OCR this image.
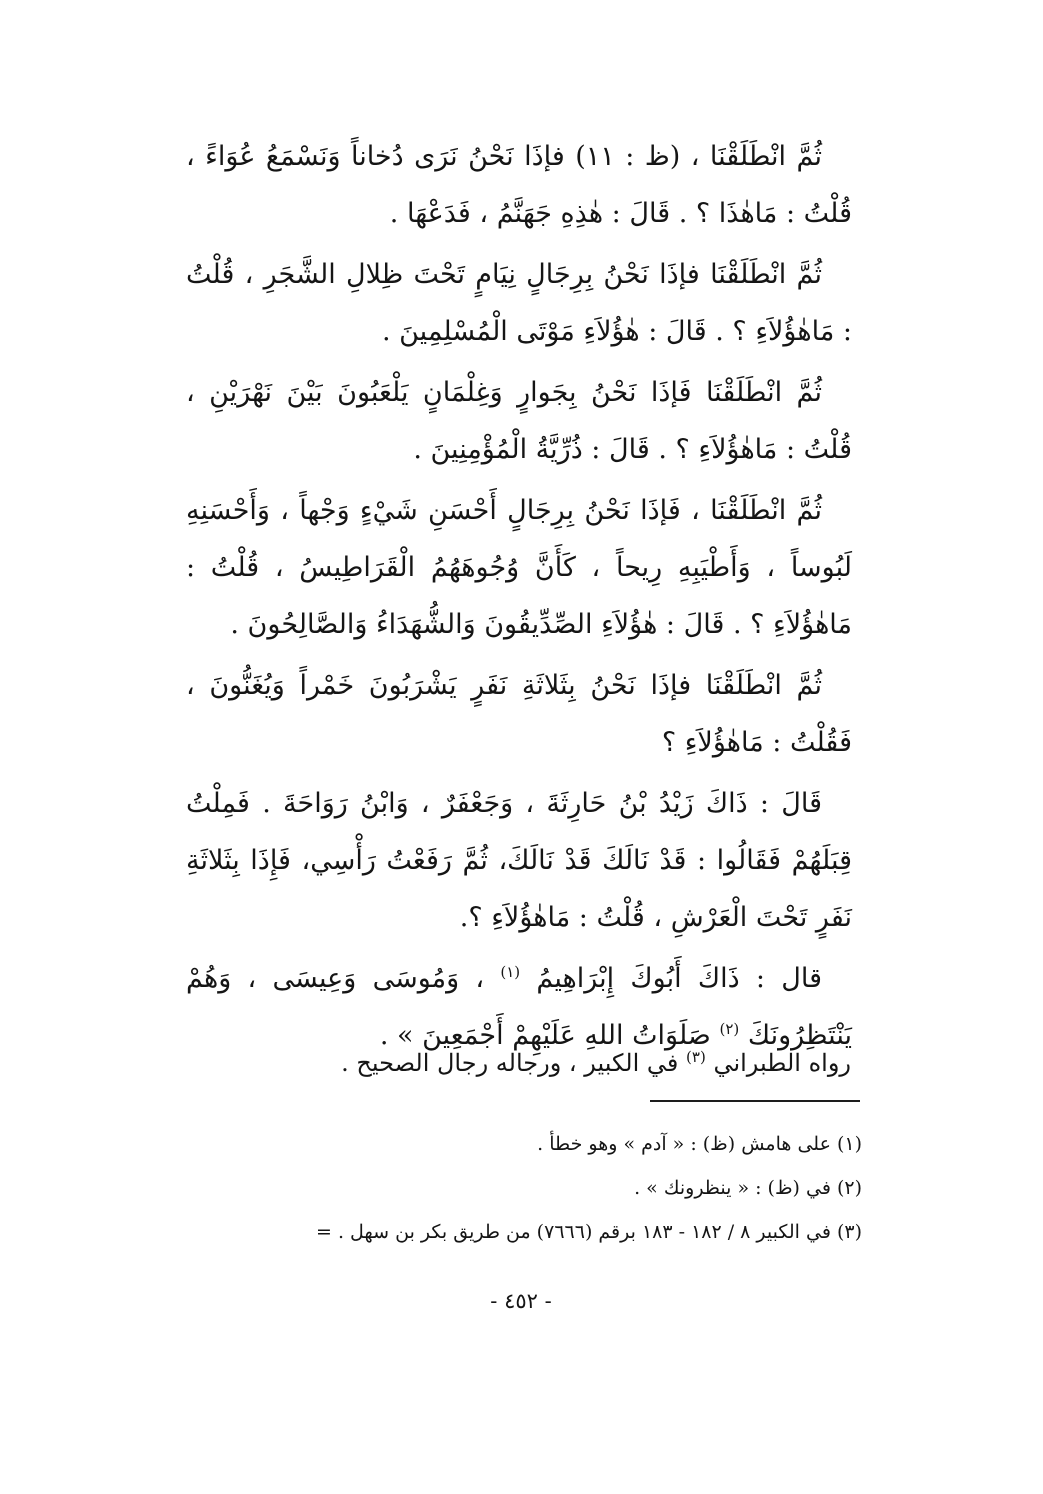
ثُمَّ انْطَلَقْنَا ، (ظ : ١١) فإذَا نَحْنُ نَرَى دُخاناً وَنَسْمَعُ عُوَاءً ، قُلْتُ : مَاهٰذَا ؟ . قَالَ : هٰذِهِ جَهَنَّمُ ، فَدَعْهَا .

ثُمَّ انْطَلَقْنَا فإذَا نَحْنُ بِرِجَالٍ نِيَامٍ تَحْتَ ظِلالِ الشَّجَرِ ، قُلْتُ : مَاهٰؤُلاَءِ ؟ . قَالَ : هٰؤُلاَءِ مَوْتَى الْمُسْلِمِينَ .

ثُمَّ انْطَلَقْنَا فَإذَا نَحْنُ بِجَوارٍ وَغِلْمَانٍ يَلْعَبُونَ بَيْنَ نَهْرَيْنِ ، قُلْتُ : مَاهٰؤُلاَءِ ؟ . قَالَ : ذُرِّيَّةُ الْمُؤْمِنِينَ .

ثُمَّ انْطَلَقْنَا ، فَإذَا نَحْنُ بِرِجَالٍ أَحْسَنِ شَيْءٍ وَجْهاً ، وَأَحْسَنِهِ لَبُوساً ، وَأَطْيَبِهِ رِيحاً ، كَأَنَّ وُجُوهَهُمُ الْقَرَاطِيسُ ، قُلْتُ : مَاهٰؤُلاَءِ ؟ . قَالَ : هٰؤُلاَءِ الصِّدِّيقُونَ وَالشُّهَدَاءُ وَالصَّالِحُونَ .

ثُمَّ انْطَلَقْنَا فإذَا نَحْنُ بِثَلاثَةِ نَفَرٍ يَشْرَبُونَ خَمْراً وَيُغَنُّونَ ، فَقُلْتُ : مَاهٰؤُلاَءِ ؟

قَالَ : ذَاكَ زَيْدُ بْنُ حَارِثَةَ ، وَجَعْفَرٌ ، وَابْنُ رَوَاحَةَ . فَمِلْتُ قِبَلَهُمْ فَقَالُوا : قَدْ نَالَكَ قَدْ نَالَكَ، ثُمَّ رَفَعْتُ رَأْسِي، فَإِذَا بِثَلاثَةِ نَفَرٍ تَحْتَ الْعَرْشِ ، قُلْتُ : مَاهٰؤُلاَءِ ؟.

قال : ذَاكَ أَبُوكَ إِبْرَاهِيمُ $^{(١)}$ ، وَمُوسَى وَعِيسَى ، وَهُمْ يَنْتَظِرُونَكَ $^{(٢)}$ صَلَوَاتُ اللهِ عَلَيْهِمْ أَجْمَعِينَ » .

رواه الطبراني $^{(٣)}$ في الكبير ، ورجاله رجال الصحيح .

(١) على هامش (ظ) : « آدم » وهو خطأ .

(٢) في (ظ) : « ينظرونك » .

(٣) في الكبير ٨ / ١٨٢ - ١٨٣ برقم (٧٦٦٦) من طريق بكر بن سهل . =

- ٤٥٢ -
